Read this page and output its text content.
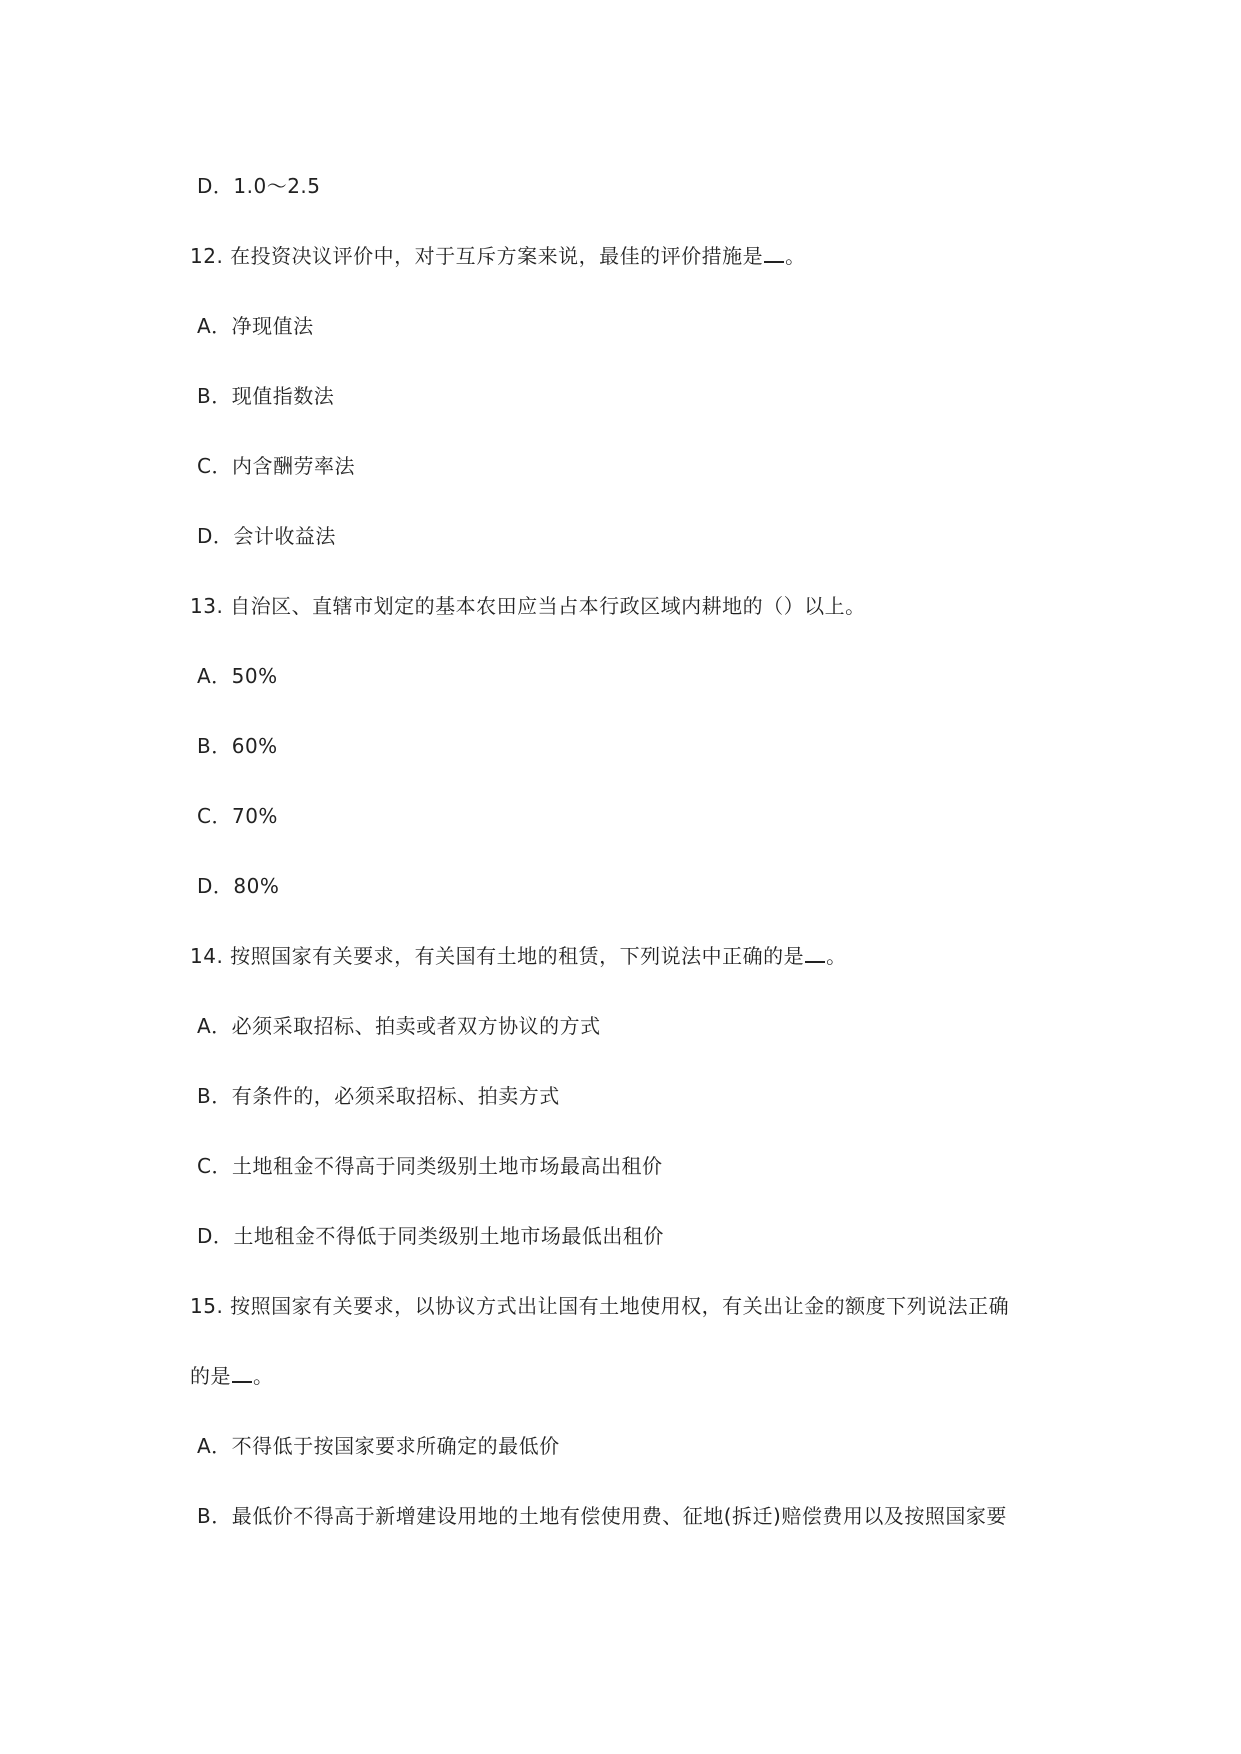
D．1.0～2.5
12. 在投资决议评价中，对于互斥方案来说，最佳的评价措施是 。
A．净现值法
B．现值指数法
C．内含酬劳率法
D．会计收益法
13. 自治区、直辖市划定的基本农田应当占本行政区域内耕地的（）以上。
A．50%
B．60%
C．70%
D．80%
14. 按照国家有关要求，有关国有土地的租赁，下列说法中正确的是 。
A．必须采取招标、拍卖或者双方协议的方式
B．有条件的，必须采取招标、拍卖方式
C．土地租金不得高于同类级别土地市场最高出租价
D．土地租金不得低于同类级别土地市场最低出租价
15. 按照国家有关要求，以协议方式出让国有土地使用权，有关出让金的额度下列说法正确
的是 。
A．不得低于按国家要求所确定的最低价
B．最低价不得高于新增建设用地的土地有偿使用费、征地(拆迁)赔偿费用以及按照国家要
